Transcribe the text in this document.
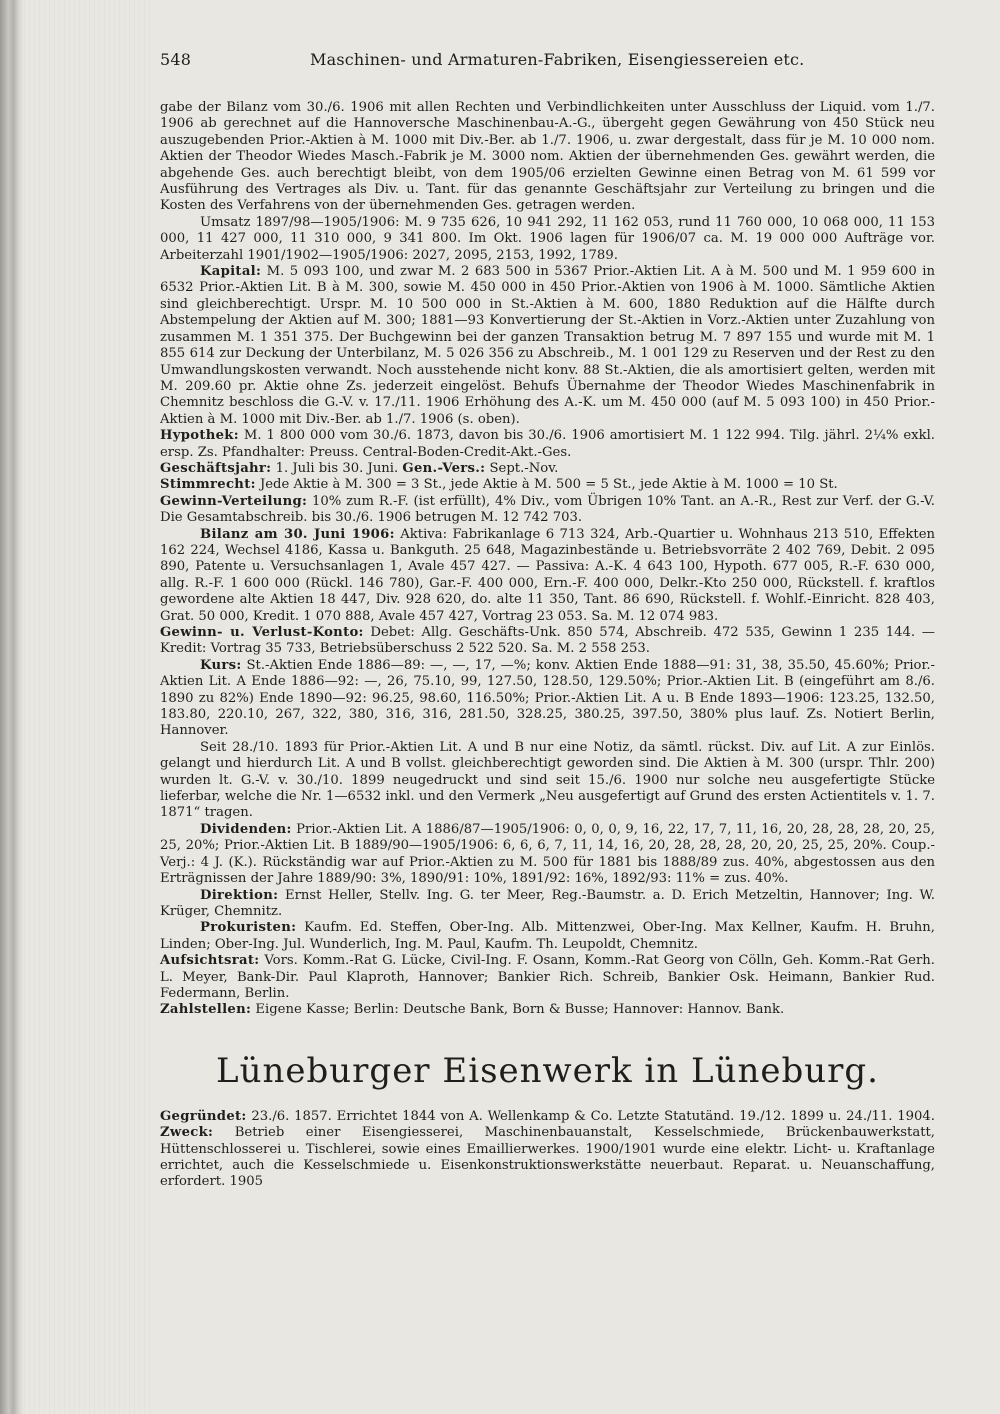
548	Maschinen- und Armaturen-Fabriken, Eisengiessereien etc.

gabe der Bilanz vom 30./6. 1906 mit allen Rechten und Verbindlichkeiten unter Ausschluss der Liquid. vom 1./7. 1906 ab gerechnet auf die Hannoversche Maschinenbau-A.-G., übergeht gegen Gewährung von 450 Stück neu auszugebenden Prior.-Aktien à M. 1000 mit Div.-Ber. ab 1./7. 1906, u. zwar dergestalt, dass für je M. 10 000 nom. Aktien der Theodor Wiedes Masch.-Fabrik je M. 3000 nom. Aktien der übernehmenden Ges. gewährt werden, die abgehende Ges. auch berechtigt bleibt, von dem 1905/06 erzielten Gewinne einen Betrag von M. 61 599 vor Ausführung des Vertrages als Div. u. Tant. für das genannte Geschäftsjahr zur Verteilung zu bringen und die Kosten des Verfahrens von der übernehmenden Ges. getragen werden.

Umsatz 1897/98—1905/1906: M. 9 735 626, 10 941 292, 11 162 053, rund 11 760 000, 10 068 000, 11 153 000, 11 427 000, 11 310 000, 9 341 800. Im Okt. 1906 lagen für 1906/07 ca. M. 19 000 000 Aufträge vor. Arbeiterzahl 1901/1902—1905/1906: 2027, 2095, 2153, 1992, 1789.

Kapital: M. 5 093 100, und zwar M. 2 683 500 in 5367 Prior.-Aktien Lit. A à M. 500 und M. 1 959 600 in 6532 Prior.-Aktien Lit. B à M. 300, sowie M. 450 000 in 450 Prior.-Aktien von 1906 à M. 1000. Sämtliche Aktien sind gleichberechtigt. Urspr. M. 10 500 000 in St.-Aktien à M. 600, 1880 Reduktion auf die Hälfte durch Abstempelung der Aktien auf M. 300; 1881—93 Konvertierung der St.-Aktien in Vorz.-Aktien unter Zuzahlung von zusammen M. 1 351 375. Der Buchgewinn bei der ganzen Transaktion betrug M. 7 897 155 und wurde mit M. 1 855 614 zur Deckung der Unterbilanz, M. 5 026 356 zu Abschreib., M. 1 001 129 zu Reserven und der Rest zu den Umwandlungskosten verwandt. Noch ausstehende nicht konv. 88 St.-Aktien, die als amortisiert gelten, werden mit M. 209.60 pr. Aktie ohne Zs. jederzeit eingelöst. Behufs Übernahme der Theodor Wiedes Maschinenfabrik in Chemnitz beschloss die G.-V. v. 17./11. 1906 Erhöhung des A.-K. um M. 450 000 (auf M. 5 093 100) in 450 Prior.-Aktien à M. 1000 mit Div.-Ber. ab 1./7. 1906 (s. oben).

Hypothek: M. 1 800 000 vom 30./6. 1873, davon bis 30./6. 1906 amortisiert M. 1 122 994. Tilg. jährl. 2¼% exkl. ersp. Zs. Pfandhalter: Preuss. Central-Boden-Credit-Akt.-Ges.

Geschäftsjahr: 1. Juli bis 30. Juni. Gen.-Vers.: Sept.-Nov.

Stimmrecht: Jede Aktie à M. 300 = 3 St., jede Aktie à M. 500 = 5 St., jede Aktie à M. 1000 = 10 St.

Gewinn-Verteilung: 10% zum R.-F. (ist erfüllt), 4% Div., vom Übrigen 10% Tant. an A.-R., Rest zur Verf. der G.-V. Die Gesamtabschreib. bis 30./6. 1906 betrugen M. 12 742 703.

Bilanz am 30. Juni 1906: Aktiva: Fabrikanlage 6 713 324, Arb.-Quartier u. Wohnhaus 213 510, Effekten 162 224, Wechsel 4186, Kassa u. Bankguth. 25 648, Magazinbestände u. Betriebsvorräte 2 402 769, Debit. 2 095 890, Patente u. Versuchsanlagen 1, Avale 457 427. — Passiva: A.-K. 4 643 100, Hypoth. 677 005, R.-F. 630 000, allg. R.-F. 1 600 000 (Rückl. 146 780), Gar.-F. 400 000, Ern.-F. 400 000, Delkr.-Kto 250 000, Rückstell. f. kraftlos gewordene alte Aktien 18 447, Div. 928 620, do. alte 11 350, Tant. 86 690, Rückstell. f. Wohlf.-Einricht. 828 403, Grat. 50 000, Kredit. 1 070 888, Avale 457 427, Vortrag 23 053. Sa. M. 12 074 983.

Gewinn- u. Verlust-Konto: Debet: Allg. Geschäfts-Unk. 850 574, Abschreib. 472 535, Gewinn 1 235 144. — Kredit: Vortrag 35 733, Betriebsüberschuss 2 522 520. Sa. M. 2 558 253.

Kurs: St.-Aktien Ende 1886—89: —, —, 17, —%; konv. Aktien Ende 1888—91: 31, 38, 35.50, 45.60%; Prior.-Aktien Lit. A Ende 1886—92: —, 26, 75.10, 99, 127.50, 128.50, 129.50%; Prior.-Aktien Lit. B (eingeführt am 8./6. 1890 zu 82%) Ende 1890—92: 96.25, 98.60, 116.50%; Prior.-Aktien Lit. A u. B Ende 1893—1906: 123.25, 132.50, 183.80, 220.10, 267, 322, 380, 316, 316, 281.50, 328.25, 380.25, 397.50, 380% plus lauf. Zs. Notiert Berlin, Hannover.

Seit 28./10. 1893 für Prior.-Aktien Lit. A und B nur eine Notiz, da sämtl. rückst. Div. auf Lit. A zur Einlös. gelangt und hierdurch Lit. A und B vollst. gleichberechtigt geworden sind. Die Aktien à M. 300 (urspr. Thlr. 200) wurden lt. G.-V. v. 30./10. 1899 neugedruckt und sind seit 15./6. 1900 nur solche neu ausgefertigte Stücke lieferbar, welche die Nr. 1—6532 inkl. und den Vermerk „Neu ausgefertigt auf Grund des ersten Actientitels v. 1. 7. 1871“ tragen.

Dividenden: Prior.-Aktien Lit. A 1886/87—1905/1906: 0, 0, 0, 9, 16, 22, 17, 7, 11, 16, 20, 28, 28, 28, 20, 25, 25, 20%; Prior.-Aktien Lit. B 1889/90—1905/1906: 6, 6, 6, 7, 11, 14, 16, 20, 28, 28, 28, 20, 20, 25, 25, 20%. Coup.-Verj.: 4 J. (K.). Rückständig war auf Prior.-Aktien zu M. 500 für 1881 bis 1888/89 zus. 40%, abgestossen aus den Erträgnissen der Jahre 1889/90: 3%, 1890/91: 10%, 1891/92: 16%, 1892/93: 11% = zus. 40%.

Direktion: Ernst Heller, Stellv. Ing. G. ter Meer, Reg.-Baumstr. a. D. Erich Metzeltin, Hannover; Ing. W. Krüger, Chemnitz.

Prokuristen: Kaufm. Ed. Steffen, Ober-Ing. Alb. Mittenzwei, Ober-Ing. Max Kellner, Kaufm. H. Bruhn, Linden; Ober-Ing. Jul. Wunderlich, Ing. M. Paul, Kaufm. Th. Leupoldt, Chemnitz.

Aufsichtsrat: Vors. Komm.-Rat G. Lücke, Civil-Ing. F. Osann, Komm.-Rat Georg von Cölln, Geh. Komm.-Rat Gerh. L. Meyer, Bank-Dir. Paul Klaproth, Hannover; Bankier Rich. Schreib, Bankier Osk. Heimann, Bankier Rud. Federmann, Berlin.

Zahlstellen: Eigene Kasse; Berlin: Deutsche Bank, Born & Busse; Hannover: Hannov. Bank.

Lüneburger Eisenwerk in Lüneburg.

Gegründet: 23./6. 1857. Errichtet 1844 von A. Wellenkamp & Co. Letzte Statutänd. 19./12. 1899 u. 24./11. 1904. Zweck: Betrieb einer Eisengiesserei, Maschinenbauanstalt, Kesselschmiede, Brückenbauwerkstatt, Hüttenschlosserei u. Tischlerei, sowie eines Emaillierwerkes. 1900/1901 wurde eine elektr. Licht- u. Kraftanlage errichtet, auch die Kesselschmiede u. Eisenkonstruktionswerkstätte neuerbaut. Reparat. u. Neuanschaffung, erfordert. 1905
